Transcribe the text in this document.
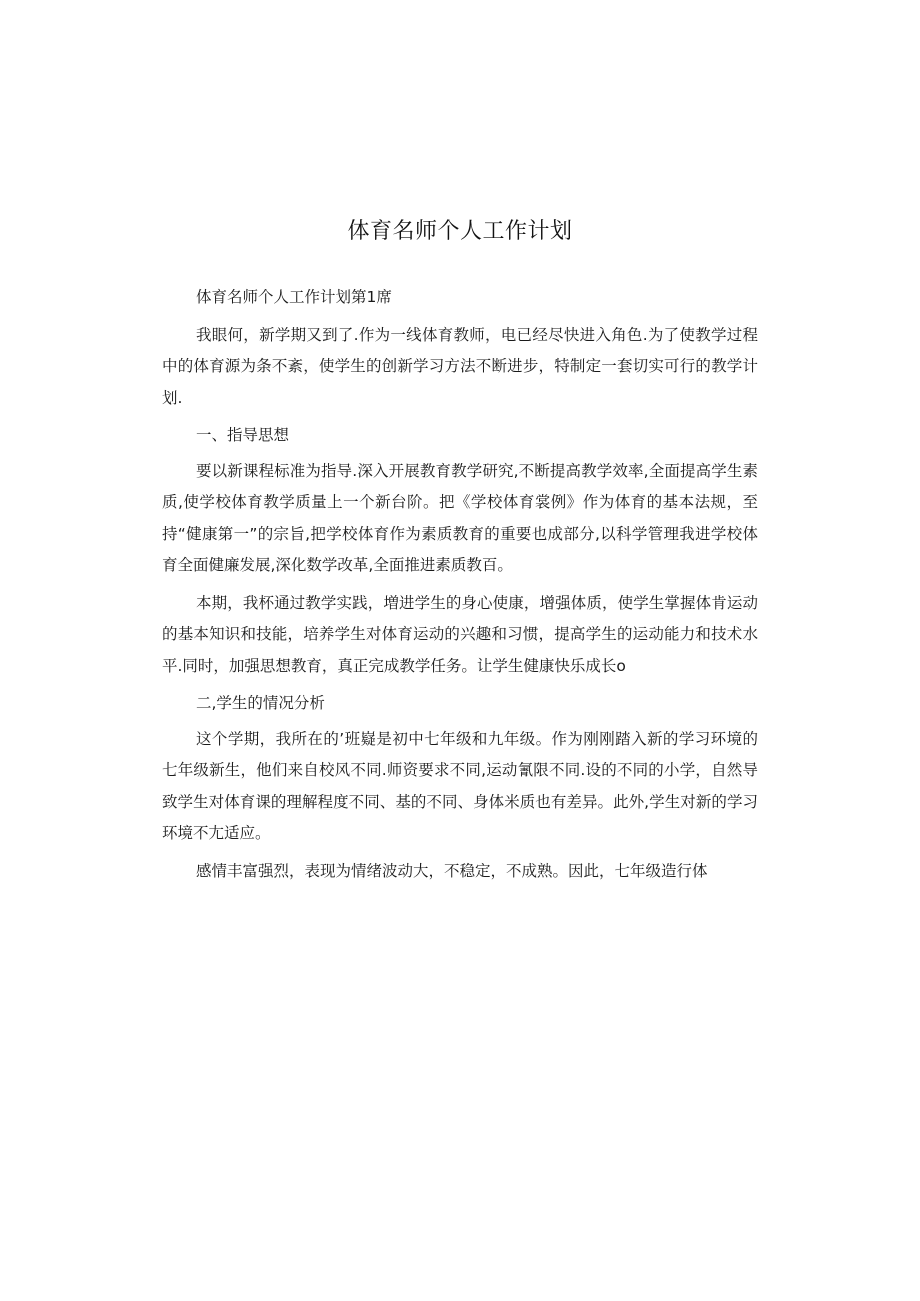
体育名师个人工作计划

体育名师个人工作计划第1席

我眼何，新学期又到了.作为一线体育教师，电已经尽快进入角色.为了使教学过程中的体育源为条不紊，使学生的创新学习方法不断进步，特制定一套切实可行的教学计划.

一、指导思想

要以新课程标准为指导.深入开展教育教学研究,不断提高教学效率,全面提高学生素质,使学校体育教学质量上一个新台阶。把《学校体育裳例》作为体育的基本法规，至持“健康第一”的宗旨,把学校体育作为素质教育的重要也成部分,以科学管理我进学校体育全面健廉发展,深化数学改革,全面推进素质教百。

本期，我杯通过教学实践，増进学生的身心使康，增强体质，使学生掌握体肯运动的基本知识和技能，培养学生对体育运动的兴趣和习惯，提高学生的运动能力和技术水平.同时，加强思想教育，真正完成教学任务。让学生健康快乐成长o

二,学生的情况分析

这个学期，我所在的’班嶷是初中七年级和九年级。作为刚刚踏入新的学习环境的七年级新生，他们来自校风不同.师资要求不同,运动氰限不同.设的不同的小学，自然导致学生对体育课的理解程度不同、基的不同、身体米质也有差异。此外,学生对新的学习环境不尢适应。

感情丰富强烈，表现为情绪波动大，不稳定，不成熟。因此，七年级造行体
